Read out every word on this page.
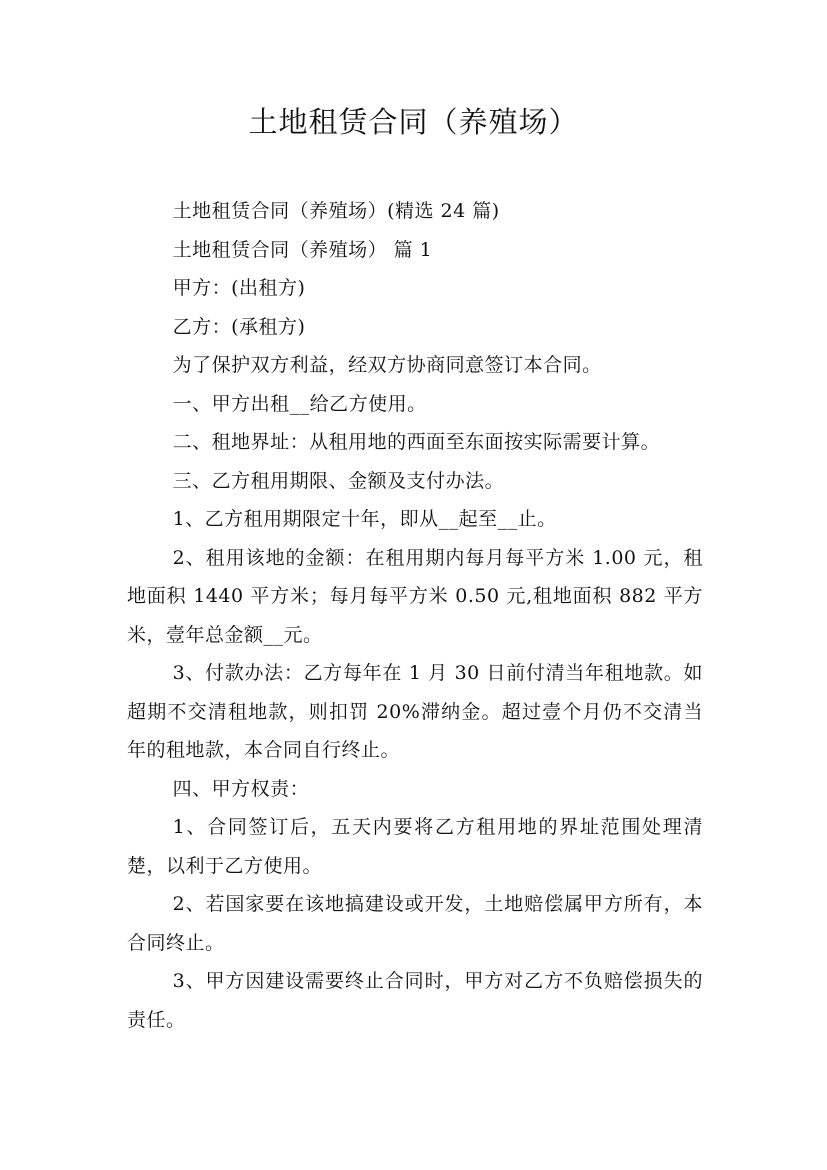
土地租赁合同（养殖场）

土地租赁合同（养殖场）(精选 24 篇)

土地租赁合同（养殖场） 篇 1

甲方：(出租方)

乙方：(承租方)

为了保护双方利益，经双方协商同意签订本合同。

一、甲方出租__给乙方使用。

二、租地界址：从租用地的西面至东面按实际需要计算。

三、乙方租用期限、金额及支付办法。

1、乙方租用期限定十年，即从__起至__止。

2、租用该地的金额：在租用期内每月每平方米 1.00 元，租地面积 1440 平方米；每月每平方米 0.50 元,租地面积 882 平方米，壹年总金额__元。

3、付款办法：乙方每年在 1 月 30 日前付清当年租地款。如超期不交清租地款，则扣罚 20%滞纳金。超过壹个月仍不交清当年的租地款，本合同自行终止。

四、甲方权责：

1、合同签订后，五天内要将乙方租用地的界址范围处理清楚，以利于乙方使用。

2、若国家要在该地搞建设或开发，土地赔偿属甲方所有，本合同终止。

3、甲方因建设需要终止合同时，甲方对乙方不负赔偿损失的责任。
